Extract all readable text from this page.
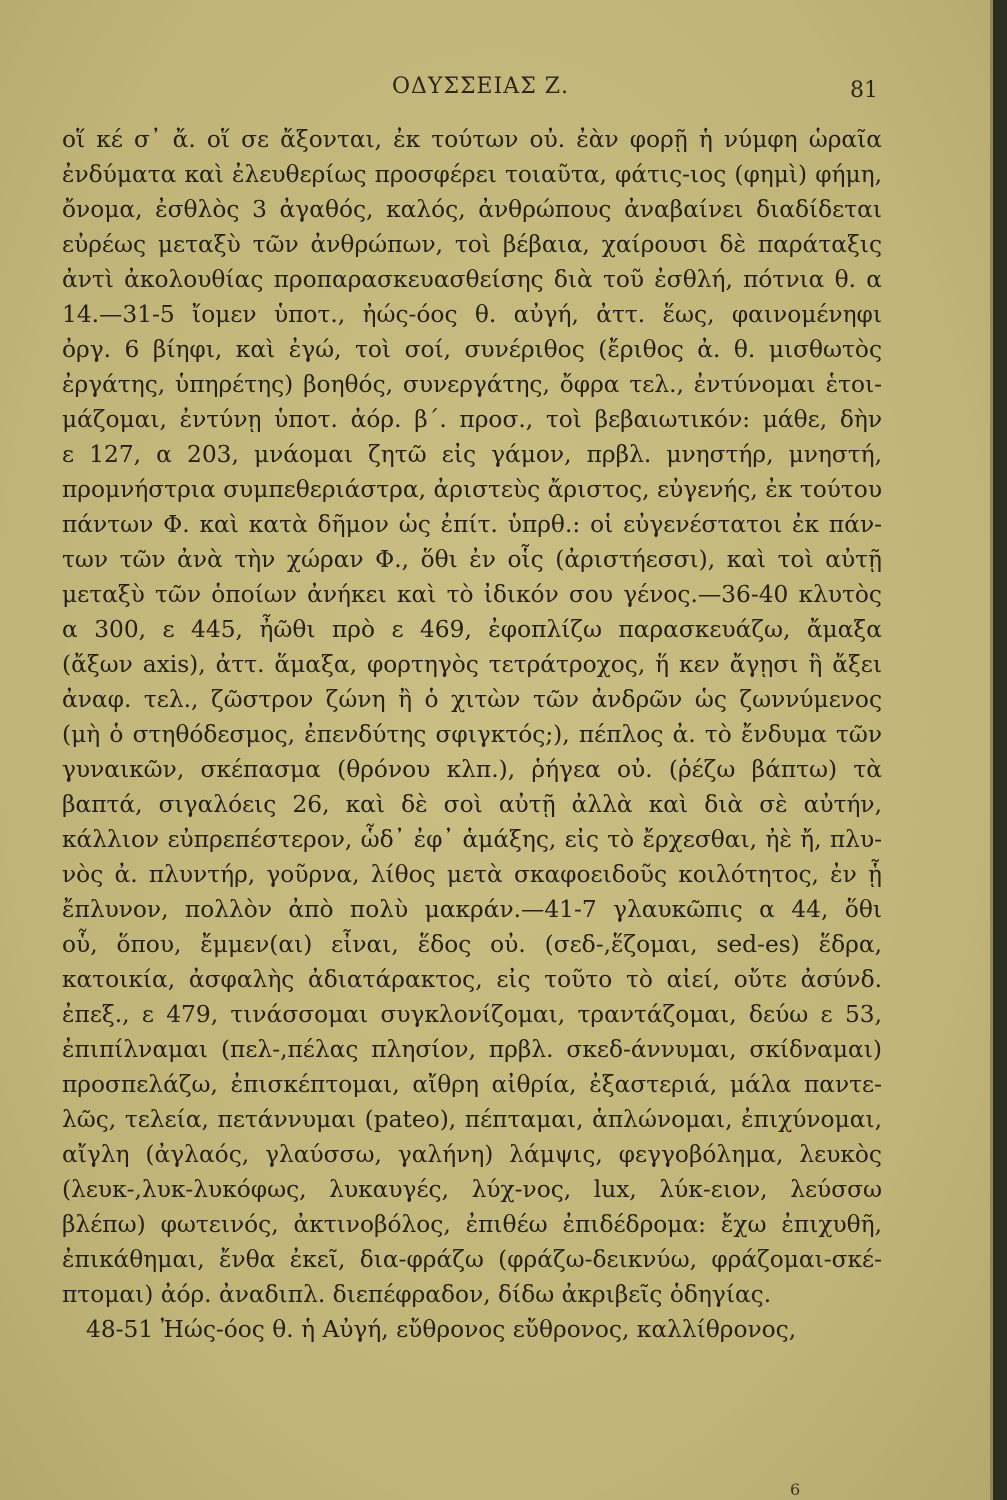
ΟΔΥΣΣΕΙΑΣ Ζ.	81
οἵ κέ σ᾽ ἄ. οἵ σε ἄξονται, ἐκ τούτων οὐ. ἐὰν φορῇ ἡ νύμφη ὡραῖα
ἐνδύματα καὶ ἐλευθερίως προσφέρει τοιαῦτα, φάτις-ιος (φημὶ) φήμη,
ὄνομα, ἐσθλὸς 3 ἀγαθός, καλός, ἀνθρώπους ἀναβαίνει διαδίδεται
εὐρέως μεταξὺ τῶν ἀνθρώπων, τοὶ βέβαια, χαίρουσι δὲ παράταξις
ἀντὶ ἀκολουθίας προπαρασκευασθείσης διὰ τοῦ ἐσθλή, πότνια θ. α
14.—31-5 ἴομεν ὑποτ., ἠώς-όος θ. αὐγή, ἀττ. ἕως, φαινομένηφι
ὀργ. 6 βίηφι, καὶ ἐγώ, τοὶ σοί, συνέριθος (ἔριθος ἀ. θ. μισθωτὸς
ἐργάτης, ὑπηρέτης) βοηθός, συνεργάτης, ὄφρα τελ., ἐντύνομαι ἑτοι-
μάζομαι, ἐντύνῃ ὑποτ. ἀόρ. β΄. προσ., τοὶ βεβαιωτικόν: μάθε, δὴν
ε 127, α 203, μνάομαι ζητῶ εἰς γάμον, πρβλ. μνηστήρ, μνηστή,
προμνήστρια συμπεθεριάστρα, ἀριστεὺς ἄριστος, εὐγενής, ἐκ τούτου
πάντων Φ. καὶ κατὰ δῆμον ὡς ἐπίτ. ὑπρθ.: οἱ εὐγενέστατοι ἐκ πάν-
των τῶν ἀνὰ τὴν χώραν Φ., ὅθι ἐν οἷς (ἀριστήεσσι), καὶ τοὶ αὐτῇ
μεταξὺ τῶν ὁποίων ἀνήκει καὶ τὸ ἰδικόν σου γένος.—36-40 κλυτὸς
α 300, ε 445, ἦῶθι πρὸ ε 469, ἐφοπλίζω παρασκευάζω, ἄμαξα
(ἄξων axis), ἀττ. ἅμαξα, φορτηγὸς τετράτροχος, ἥ κεν ἄγῃσι ἣ ἄξει
ἀναφ. τελ., ζῶστρον ζώνη ἢ ὁ χιτὼν τῶν ἀνδρῶν ὡς ζωννύμενος
(μὴ ὁ στηθόδεσμος, ἐπενδύτης σφιγκτός;), πέπλος ἀ. τὸ ἔνδυμα τῶν
γυναικῶν, σκέπασμα (θρόνου κλπ.), ῥήγεα οὐ. (ῥέζω βάπτω) τὰ
βαπτά, σιγαλόεις 26, καὶ δὲ σοὶ αὐτῇ ἀλλὰ καὶ διὰ σὲ αὐτήν,
κάλλιον εὐπρεπέστερον, ὧδ᾽ ἐφ᾽ ἁμάξης, εἰς τὸ ἔρχεσθαι, ἠὲ ἤ, πλυ-
νὸς ἀ. πλυντήρ, γοῦρνα, λίθος μετὰ σκαφοειδοῦς κοιλότητος, ἐν ᾗ
ἔπλυνον, πολλὸν ἀπὸ πολὺ μακράν.—41-7 γλαυκῶπις α 44, ὅθι
οὗ, ὅπου, ἔμμεν(αι) εἶναι, ἕδος οὐ. (σεδ-,ἕζομαι, sed-es) ἕδρα,
κατοικία, ἀσφαλὴς ἀδιατάρακτος, εἰς τοῦτο τὸ αἰεί, οὔτε ἀσύνδ.
ἐπεξ., ε 479, τινάσσομαι συγκλονίζομαι, τραντάζομαι, δεύω ε 53,
ἐπιπίλναμαι (πελ-,πέλας πλησίον, πρβλ. σκεδ-άννυμαι, σκίδναμαι)
προσπελάζω, ἐπισκέπτομαι, αἴθρη αἰθρία, ἐξαστεριά, μάλα παντε-
λῶς, τελεία, πετάννυμαι (pateo), πέπταμαι, ἁπλώνομαι, ἐπιχύνομαι,
αἴγλη (ἀγλαός, γλαύσσω, γαλήνη) λάμψις, φεγγοβόλημα, λευκὸς
(λευκ-,λυκ-λυκόφως, λυκαυγές, λύχ-νος, lux, λύκ-ειον, λεύσσω
βλέπω) φωτεινός, ἀκτινοβόλος, ἐπιθέω ἐπιδέδρομα: ἔχω ἐπιχυθῆ,
ἐπικάθημαι, ἔνθα ἐκεῖ, δια-φράζω (φράζω-δεικνύω, φράζομαι-σκέ-
πτομαι) ἀόρ. ἀναδιπλ. διεπέφραδον, δίδω ἀκριβεῖς ὁδηγίας.
48-51 Ἠώς-όος θ. ἡ Αὐγή, εὔθρονος εὔθρονος, καλλίθρονος,
6
